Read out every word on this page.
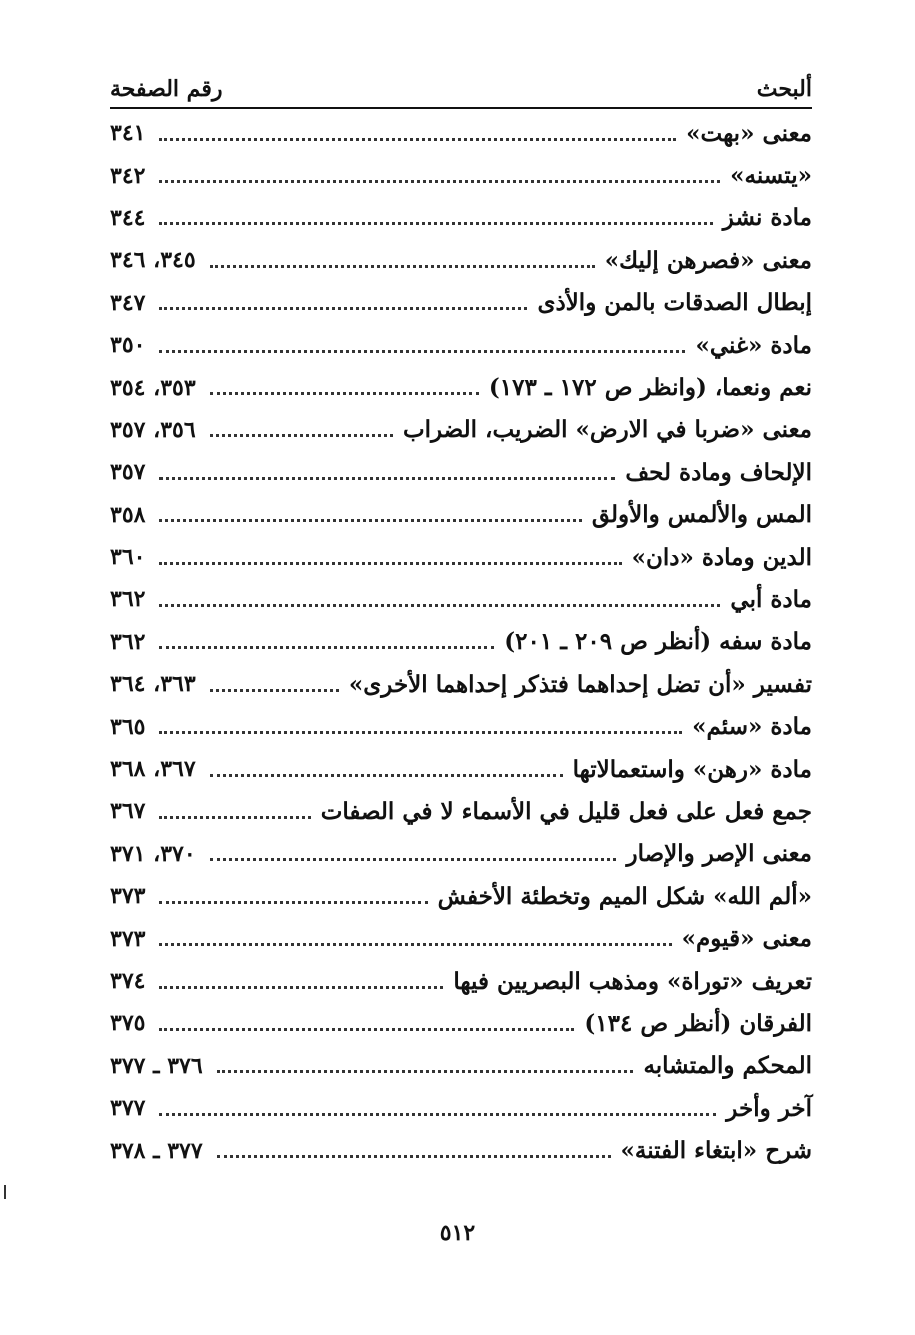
ألبحث
رقم الصفحة
معنى «بهت»
٣٤١
«يتسنه»
٣٤٢
مادة نشز
٣٤٤
معنى «فصرهن إليك»
٣٤٥، ٣٤٦
إبطال الصدقات بالمن والأذى
٣٤٧
مادة «غني»
٣٥٠
نعم ونعما، (وانظر ص ١٧٢ ـ ١٧٣)
٣٥٣، ٣٥٤
معنى «ضربا في الارض» الضريب، الضراب
٣٥٦، ٣٥٧
الإلحاف ومادة لحف
٣٥٧
المس والألمس والأولق
٣٥٨
الدين ومادة «دان»
٣٦٠
مادة أبي
٣٦٢
مادة سفه (أنظر ص ٢٠٩ ـ ٢٠١)
٣٦٢
تفسير «أن تضل إحداهما فتذكر إحداهما الأخرى»
٣٦٣، ٣٦٤
مادة «سئم»
٣٦٥
مادة «رهن» واستعمالاتها
٣٦٧، ٣٦٨
جمع فعل على فعل قليل في الأسماء لا في الصفات
٣٦٧
معنى الإصر والإصار
٣٧٠، ٣٧١
«ألم الله» شكل الميم وتخطئة الأخفش
٣٧٣
معنى «قيوم»
٣٧٣
تعريف «توراة» ومذهب البصريين فيها
٣٧٤
الفرقان (أنظر ص ١٣٤)
٣٧٥
المحكم والمتشابه
٣٧٦ ـ ٣٧٧
آخر وأخر
٣٧٧
شرح «ابتغاء الفتنة»
٣٧٧ ـ ٣٧٨
٥١٢
